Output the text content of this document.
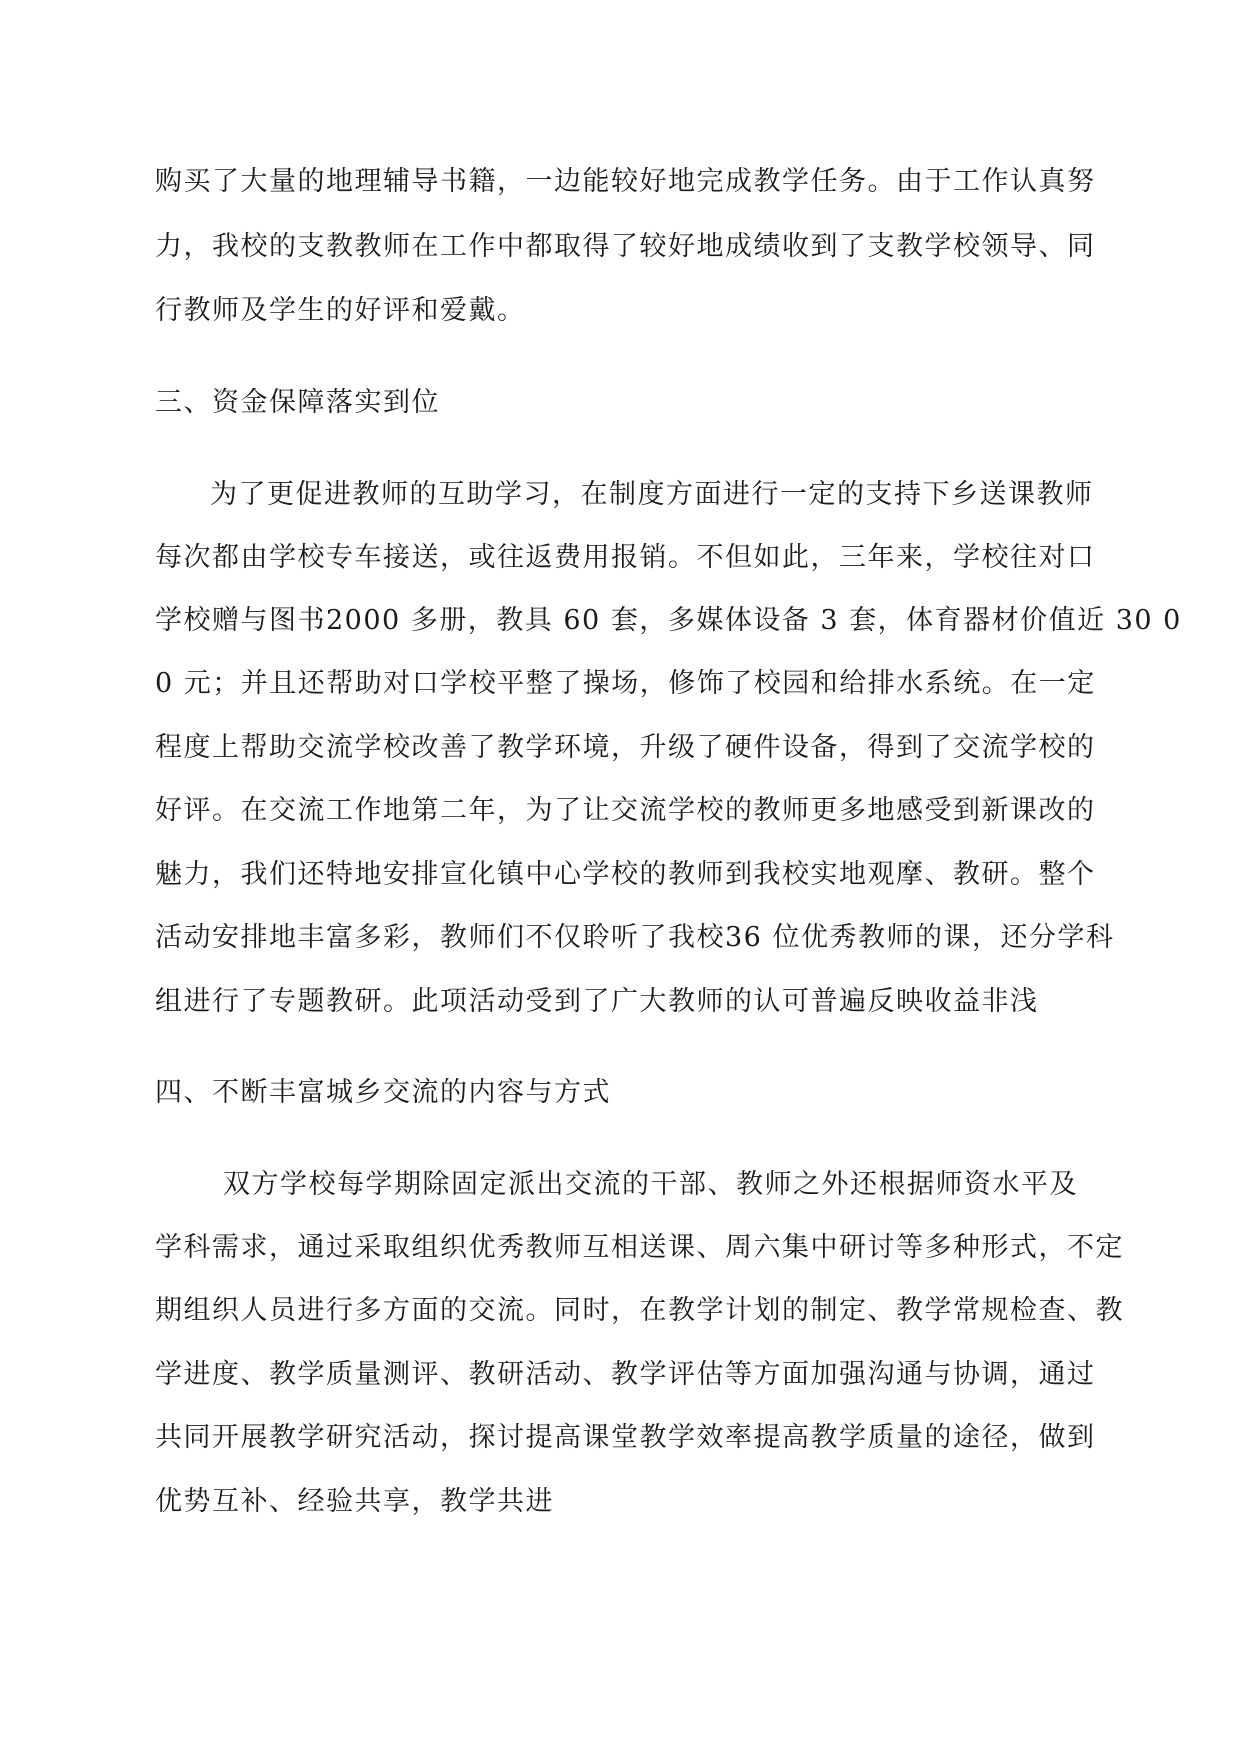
购买了大量的地理辅导书籍，一边能较好地完成教学任务。由于工作认真努

力，我校的支教教师在工作中都取得了较好地成绩收到了支教学校领导、同

行教师及学生的好评和爱戴。

三、资金保障落实到位

为了更促进教师的互助学习，在制度方面进行一定的支持下乡送课教师

每次都由学校专车接送，或往返费用报销。不但如此，三年来，学校往对口

学校赠与图书2000 多册，教具 60 套，多媒体设备 3 套，体育器材价值近 30 0

0 元；并且还帮助对口学校平整了操场，修饰了校园和给排水系统。在一定

程度上帮助交流学校改善了教学环境，升级了硬件设备，得到了交流学校的

好评。在交流工作地第二年，为了让交流学校的教师更多地感受到新课改的

魅力，我们还特地安排宣化镇中心学校的教师到我校实地观摩、教研。整个

活动安排地丰富多彩，教师们不仅聆听了我校36 位优秀教师的课，还分学科

组进行了专题教研。此项活动受到了广大教师的认可普遍反映收益非浅

四、不断丰富城乡交流的内容与方式

双方学校每学期除固定派出交流的干部、教师之外还根据师资水平及

学科需求，通过采取组织优秀教师互相送课、周六集中研讨等多种形式，不定

期组织人员进行多方面的交流。同时，在教学计划的制定、教学常规检查、教

学进度、教学质量测评、教研活动、教学评估等方面加强沟通与协调，通过

共同开展教学研究活动，探讨提高课堂教学效率提高教学质量的途径，做到

优势互补、经验共享，教学共进
